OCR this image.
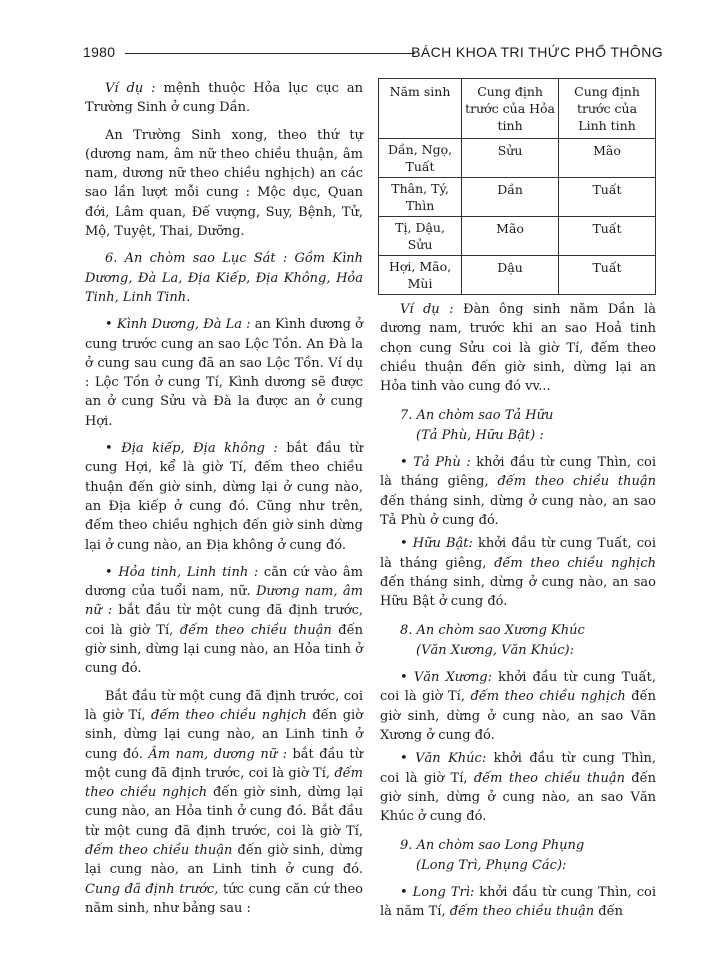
1980	BÁCH KHOA TRI THỨC PHỔ THÔNG

Ví dụ : mệnh thuộc Hỏa lục cục an Trường Sinh ở cung Dần.

An Trường Sinh xong, theo thứ tự (dương nam, âm nữ theo chiều thuận, âm nam, dương nữ theo chiều nghịch) an các sao lần lượt mỗi cung : Mộc dục, Quan đới, Lâm quan, Đế vượng, Suy, Bệnh, Tử, Mộ, Tuyệt, Thai, Dưỡng.

6. An chòm sao Lục Sát : Gồm Kình Dương, Đà La, Địa Kiếp, Địa Không, Hỏa Tinh, Linh Tinh.

• Kình Dương, Đà La : an Kình dương ở cung trước cung an sao Lộc Tồn. An Đà la ở cung sau cung đã an sao Lộc Tồn. Ví dụ : Lộc Tồn ở cung Tí, Kình dương sẽ được an ở cung Sửu và Đà la được an ở cung Hợi.

• Địa kiếp, Địa không : bắt đầu từ cung Hợi, kể là giờ Tí, đếm theo chiều thuận đến giờ sinh, dừng lại ở cung nào, an Địa kiếp ở cung đó. Cũng như trên, đếm theo chiều nghịch đến giờ sinh dừng lại ở cung nào, an Địa không ở cung đó.

• Hỏa tinh, Linh tinh : căn cứ vào âm dương của tuổi nam, nữ. Dương nam, âm nữ : bắt đầu từ một cung đã định trước, coi là giờ Tí, đếm theo chiều thuận đến giờ sinh, dừng lại cung nào, an Hỏa tinh ở cung đó.

Bắt đầu từ một cung đã định trước, coi là giờ Tí, đếm theo chiều nghịch đến giờ sinh, dừng lại cung nào, an Linh tinh ở cung đó. Âm nam, dương nữ : bắt đầu từ một cung đã định trước, coi là giờ Tí, đếm theo chiều nghịch đến giờ sinh, dừng lại cung nào, an Hỏa tinh ở cung đó. Bắt đầu từ một cung đã định trước, coi là giờ Tí, đếm theo chiều thuận đến giờ sinh, dừng lại cung nào, an Linh tinh ở cung đó. Cung đã định trước, tức cung căn cứ theo năm sinh, như bảng sau :

Năm sinh	Cung định trước của Hỏa tinh	Cung định trước của Linh tinh
Dần, Ngọ, Tuất	Sửu	Mão
Thân, Tý, Thìn	Dần	Tuất
Tị, Dậu, Sửu	Mão	Tuất
Hợi, Mão, Mùi	Dậu	Tuất

Ví dụ : Đàn ông sinh năm Dần là dương nam, trước khi an sao Hoả tinh chọn cung Sửu coi là giờ Tí, đếm theo chiều thuận đến giờ sinh, dừng lại an Hỏa tinh vào cung đó vv...

7. An chòm sao Tả Hữu

(Tả Phù, Hữu Bật) :

• Tả Phù : khởi đầu từ cung Thìn, coi là tháng giêng, đếm theo chiều thuận đến tháng sinh, dừng ở cung nào, an sao Tả Phù ở cung đó.

• Hữu Bật: khởi đầu từ cung Tuất, coi là tháng giêng, đếm theo chiều nghịch đến tháng sinh, dừng ở cung nào, an sao Hữu Bật ở cung đó.

8. An chòm sao Xương Khúc

(Văn Xương, Văn Khúc):

• Văn Xương: khởi đầu từ cung Tuất, coi là giờ Tí, đếm theo chiều nghịch đến giờ sinh, dừng ở cung nào, an sao Văn Xương ở cung đó.

• Văn Khúc: khởi đầu từ cung Thìn, coi là giờ Tí, đếm theo chiều thuận đến giờ sinh, dừng ở cung nào, an sao Văn Khúc ở cung đó.

9. An chòm sao Long Phụng

(Long Trì, Phụng Các):

• Long Trì: khởi đầu từ cung Thìn, coi là năm Tí, đếm theo chiều thuận đến
